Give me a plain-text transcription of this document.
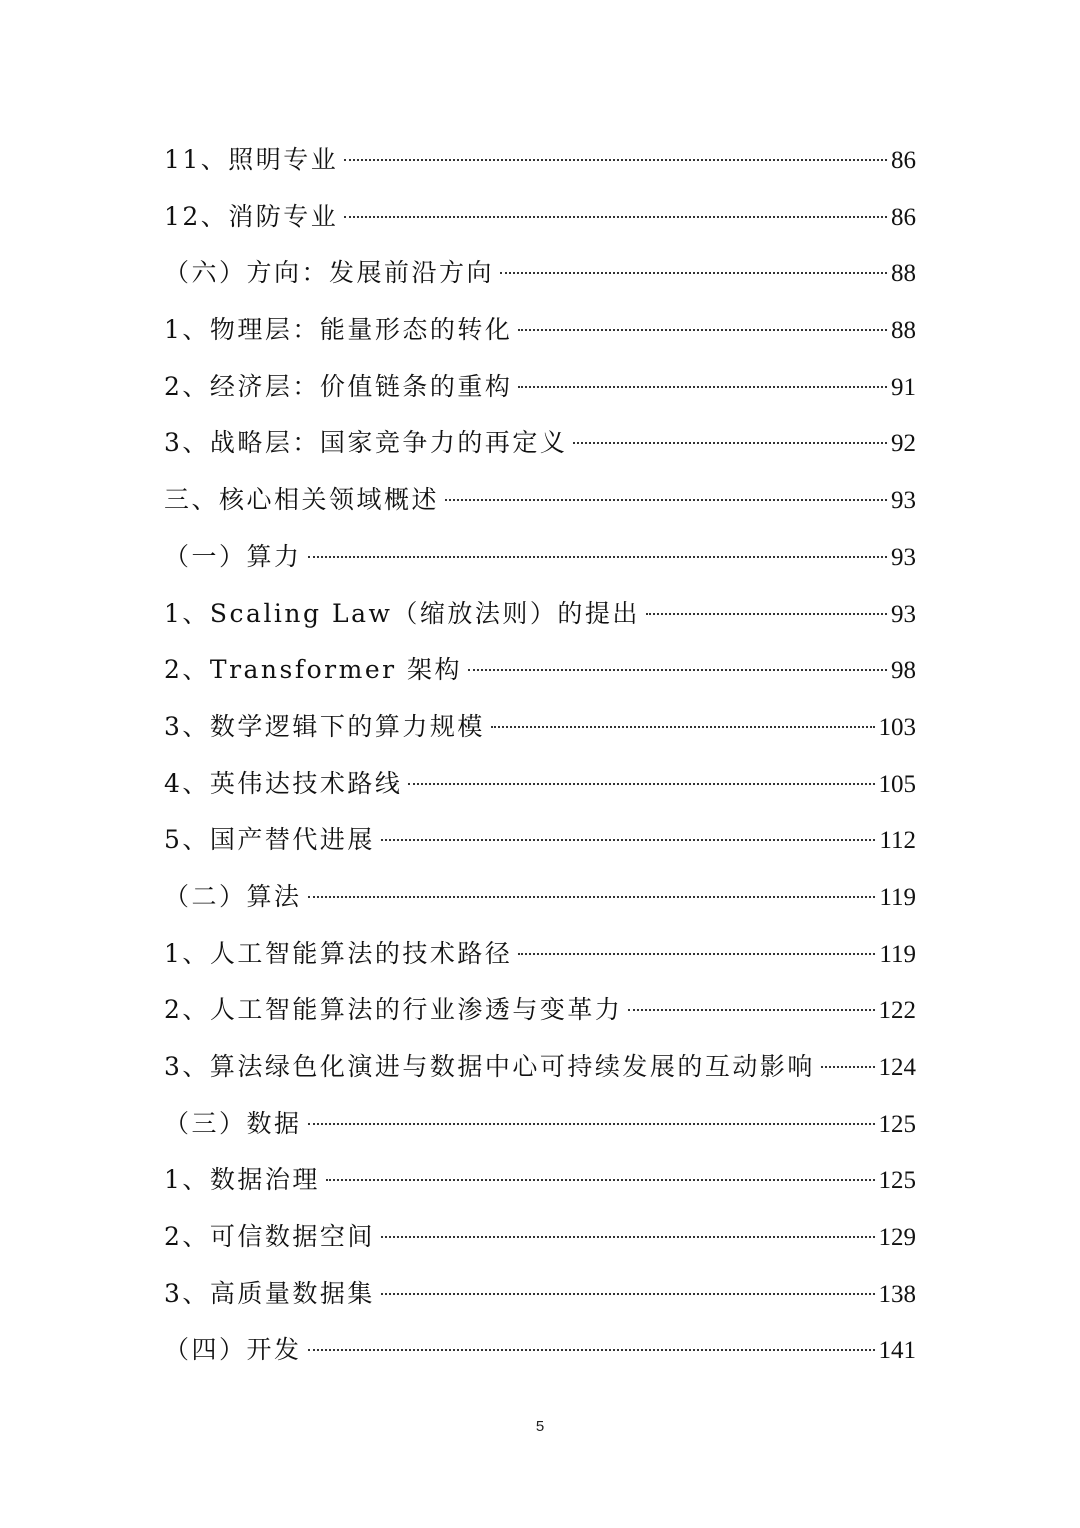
11、照明专业	86
12、消防专业	86
（六）方向：发展前沿方向	88
1、物理层：能量形态的转化	88
2、经济层：价值链条的重构	91
3、战略层：国家竞争力的再定义	92
三、核心相关领域概述	93
（一）算力	93
1、Scaling Law（缩放法则）的提出	93
2、Transformer 架构	98
3、数学逻辑下的算力规模	103
4、英伟达技术路线	105
5、国产替代进展	112
（二）算法	119
1、人工智能算法的技术路径	119
2、人工智能算法的行业渗透与变革力	122
3、算法绿色化演进与数据中心可持续发展的互动影响	124
（三）数据	125
1、数据治理	125
2、可信数据空间	129
3、高质量数据集	138
（四）开发	141
5
